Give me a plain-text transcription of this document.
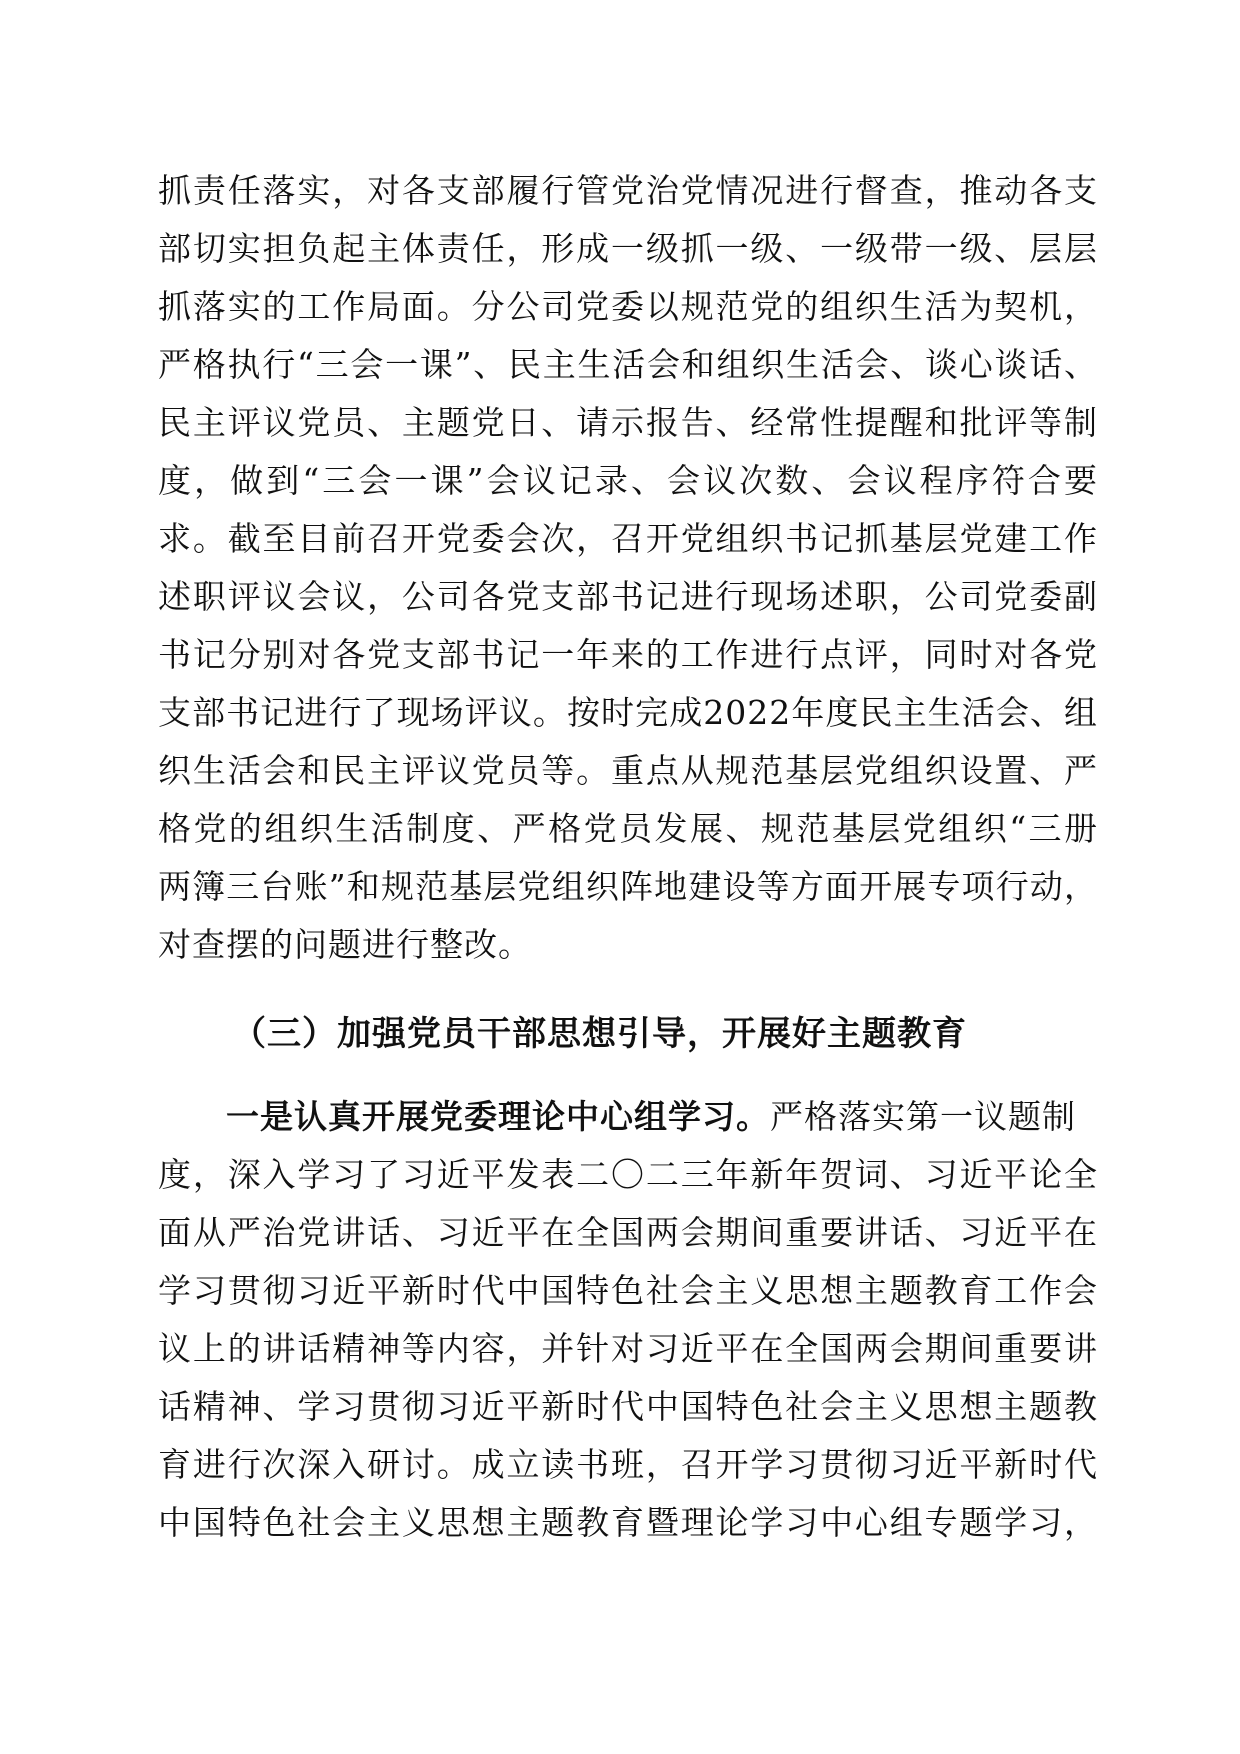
抓责任落实，对各支部履行管党治党情况进行督查，推动各支
部切实担负起主体责任，形成一级抓一级、一级带一级、层层
抓落实的工作局面。分公司党委以规范党的组织生活为契机，
严格执行“三会一课”、民主生活会和组织生活会、谈心谈话、
民主评议党员、主题党日、请示报告、经常性提醒和批评等制
度，做到“三会一课”会议记录、会议次数、会议程序符合要
求。截至目前召开党委会次，召开党组织书记抓基层党建工作
述职评议会议，公司各党支部书记进行现场述职，公司党委副
书记分别对各党支部书记一年来的工作进行点评，同时对各党
支部书记进行了现场评议。按时完成2022年度民主生活会、组
织生活会和民主评议党员等。重点从规范基层党组织设置、严
格党的组织生活制度、严格党员发展、规范基层党组织“三册
两簿三台账”和规范基层党组织阵地建设等方面开展专项行动，
对查摆的问题进行整改。
（三）加强党员干部思想引导，开展好主题教育
一是认真开展党委理论中心组学习。严格落实第一议题制
度，深入学习了习近平发表二〇二三年新年贺词、习近平论全
面从严治党讲话、习近平在全国两会期间重要讲话、习近平在
学习贯彻习近平新时代中国特色社会主义思想主题教育工作会
议上的讲话精神等内容，并针对习近平在全国两会期间重要讲
话精神、学习贯彻习近平新时代中国特色社会主义思想主题教
育进行次深入研讨。成立读书班，召开学习贯彻习近平新时代
中国特色社会主义思想主题教育暨理论学习中心组专题学习，
